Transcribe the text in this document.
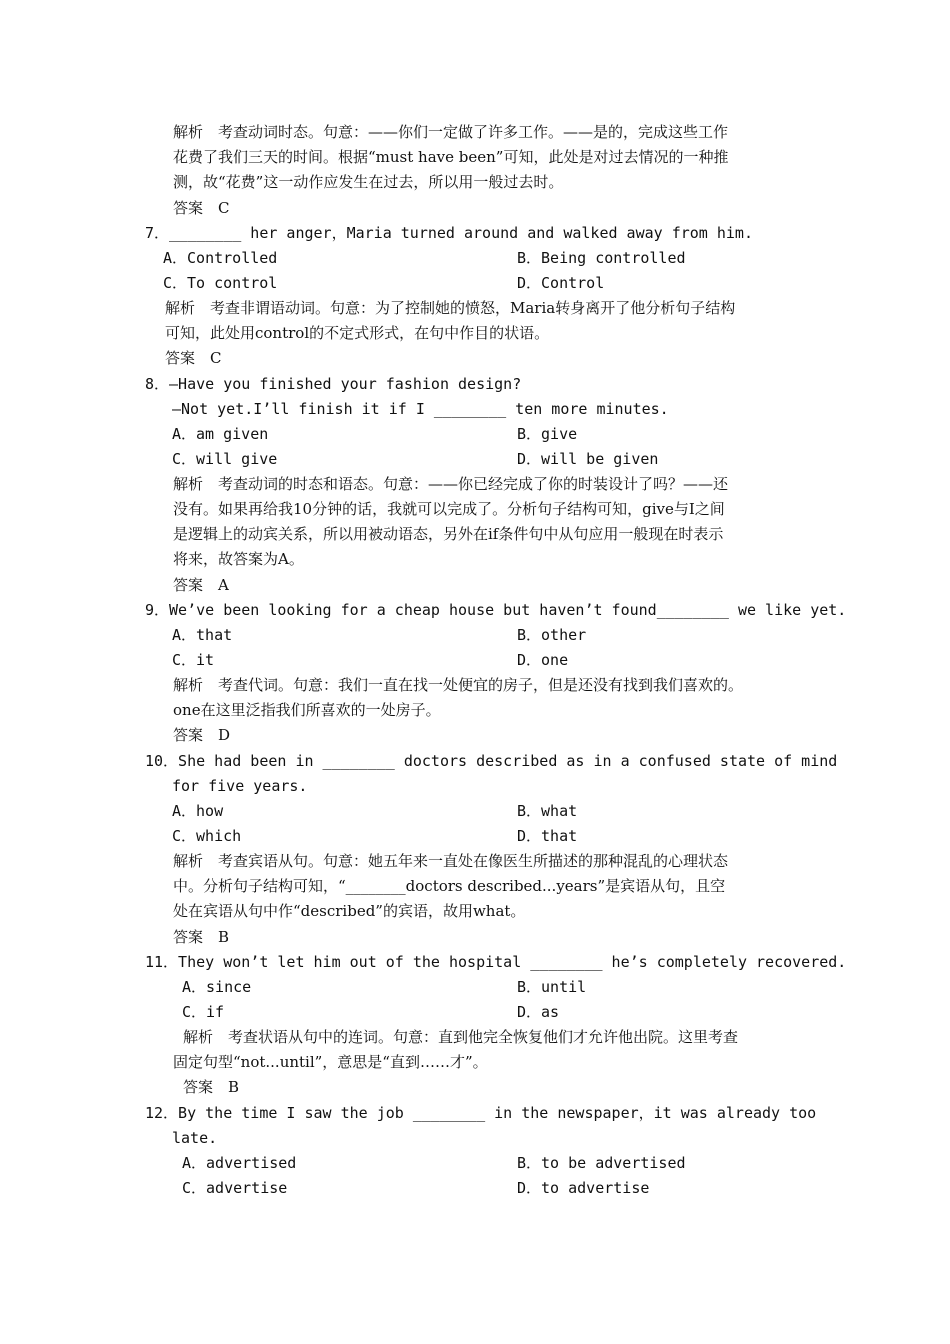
解析　考查动词时态。句意：——你们一定做了许多工作。——是的，完成这些工作
花费了我们三天的时间。根据“must have been”可知，此处是对过去情况的一种推
测，故“花费”这一动作应发生在过去，所以用一般过去时。
答案　C
7．________ her anger，Maria turned around and walked away from him.
A．Controlled	B．Being controlled
C．To control	D．Control
解析　考查非谓语动词。句意：为了控制她的愤怒，Maria转身离开了他分析句子结构
可知，此处用control的不定式形式，在句中作目的状语。
答案　C
8．—Have you finished your fashion design?
—Not yet.I’ll finish it if I ________ ten more minutes.
A．am given	B．give
C．will give	D．will be given
解析　考查动词的时态和语态。句意：——你已经完成了你的时装设计了吗？——还
没有。如果再给我10分钟的话，我就可以完成了。分析句子结构可知，give与I之间
是逻辑上的动宾关系，所以用被动语态，另外在if条件句中从句应用一般现在时表示
将来，故答案为A。
答案　A
9．We’ve been looking for a cheap house but haven’t found________ we like yet.
A．that	B．other
C．it	D．one
解析　考查代词。句意：我们一直在找一处便宜的房子，但是还没有找到我们喜欢的。
one在这里泛指我们所喜欢的一处房子。
答案　D
10．She had been in ________ doctors described as in a confused state of mind
for five years.
A．how	B．what
C．which	D．that
解析　考查宾语从句。句意：她五年来一直处在像医生所描述的那种混乱的心理状态
中。分析句子结构可知，“________doctors described...years”是宾语从句，且空
处在宾语从句中作“described”的宾语，故用what。
答案　B
11．They won’t let him out of the hospital ________ he’s completely recovered.
A．since	B．until
C．if	D．as
解析　考查状语从句中的连词。句意：直到他完全恢复他们才允许他出院。这里考查
固定句型“not...until”，意思是“直到……才”。
答案　B
12．By the time I saw the job ________ in the newspaper，it was already too
late.
A．advertised	B．to be advertised
C．advertise	D．to advertise
